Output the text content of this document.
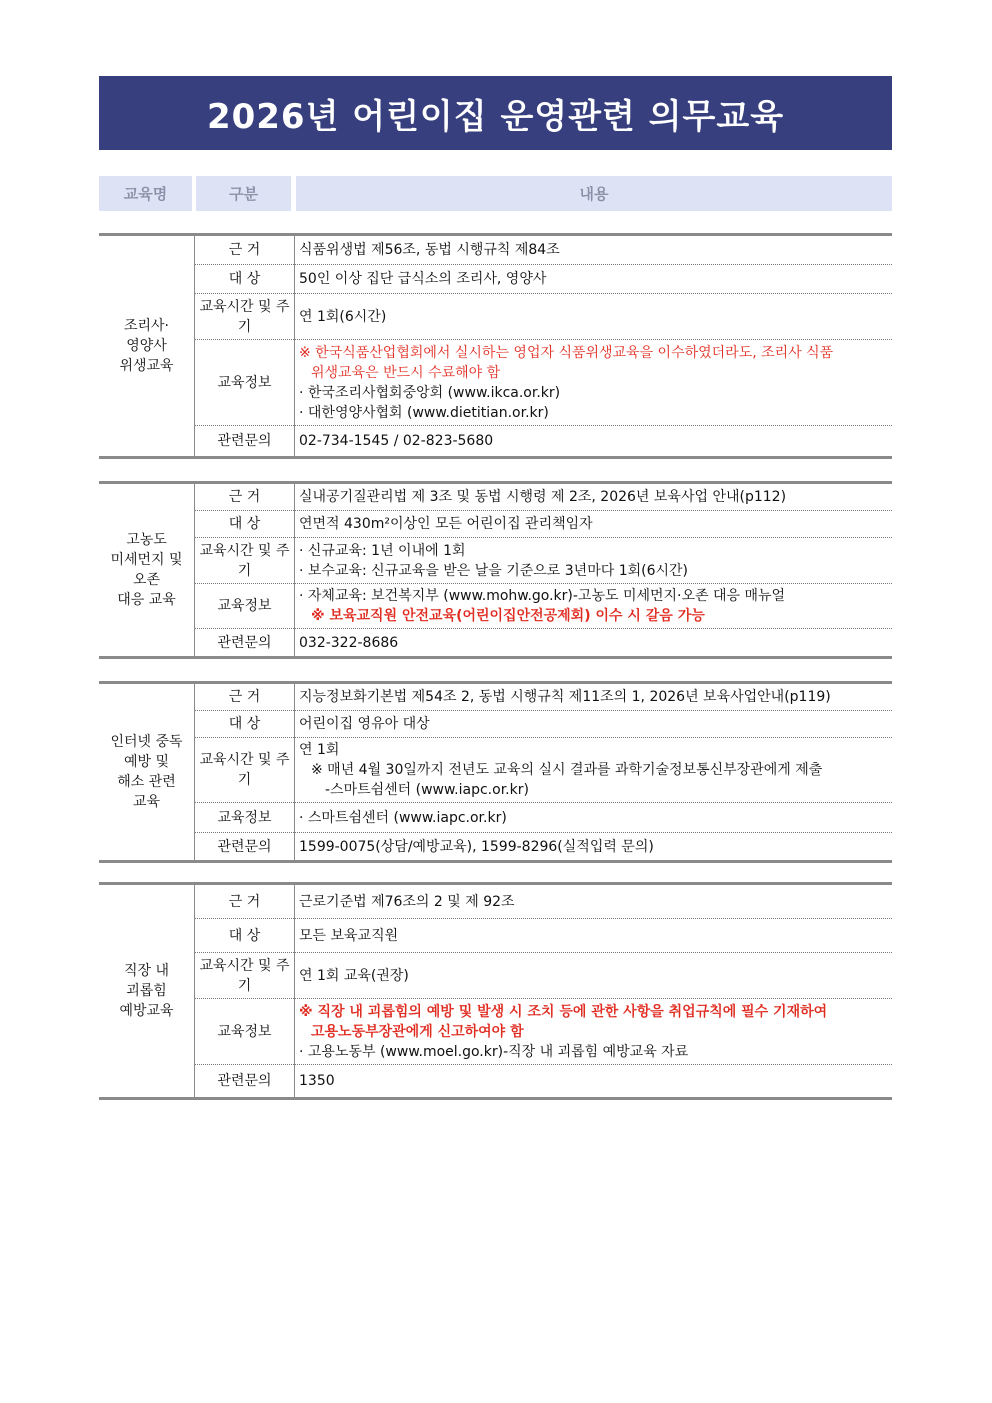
2026년 어린이집 운영관련 의무교육
교육명	구분	내용
조리사·
영양사
위생교육	근 거	식품위생법 제56조, 동법 시행규칙 제84조
	대 상	50인 이상 집단 급식소의 조리사, 영양사
	교육시간 및 주기	연 1회(6시간)
	교육정보	※ 한국식품산업협회에서 실시하는 영업자 식품위생교육을 이수하였더라도, 조리사 식품
위생교육은 반드시 수료해야 함
· 한국조리사협회중앙회 (www.ikca.or.kr)
· 대한영양사협회 (www.dietitian.or.kr)

	관련문의	02-734-1545 / 02-823-5680
고농도
미세먼지 및
오존
대응 교육	근 거	실내공기질관리법 제 3조 및 동법 시행령 제 2조, 2026년 보육사업 안내(p112)
	대 상	연면적 430m²이상인 모든 어린이집 관리책임자
	교육시간 및 주기	· 신규교육: 1년 이내에 1회
· 보수교육: 신규교육을 받은 날을 기준으로 3년마다 1회(6시간)

	교육정보	· 자체교육: 보건복지부 (www.mohw.go.kr)-고농도 미세먼지·오존 대응 매뉴얼
※ 보육교직원 안전교육(어린이집안전공제회) 이수 시 갈음 가능

	관련문의	032-322-8686
인터넷 중독
예방 및
해소 관련
교육	근 거	지능정보화기본법 제54조 2, 동법 시행규칙 제11조의 1, 2026년 보육사업안내(p119)
	대 상	어린이집 영유아 대상
	교육시간 및 주기	연 1회
※ 매년 4월 30일까지 전년도 교육의 실시 결과를 과학기술정보통신부장관에게 제출
-스마트쉼센터 (www.iapc.or.kr)

	교육정보	· 스마트쉼센터 (www.iapc.or.kr)
	관련문의	1599-0075(상담/예방교육), 1599-8296(실적입력 문의)
직장 내
괴롭힘
예방교육	근 거	근로기준법 제76조의 2 및 제 92조
	대 상	모든 보육교직원
	교육시간 및 주기	연 1회 교육(권장)
	교육정보	※ 직장 내 괴롭힘의 예방 및 발생 시 조치 등에 관한 사항을 취업규칙에 필수 기재하여
고용노동부장관에게 신고하여야 함
· 고용노동부 (www.moel.go.kr)-직장 내 괴롭힘 예방교육 자료

	관련문의	1350
